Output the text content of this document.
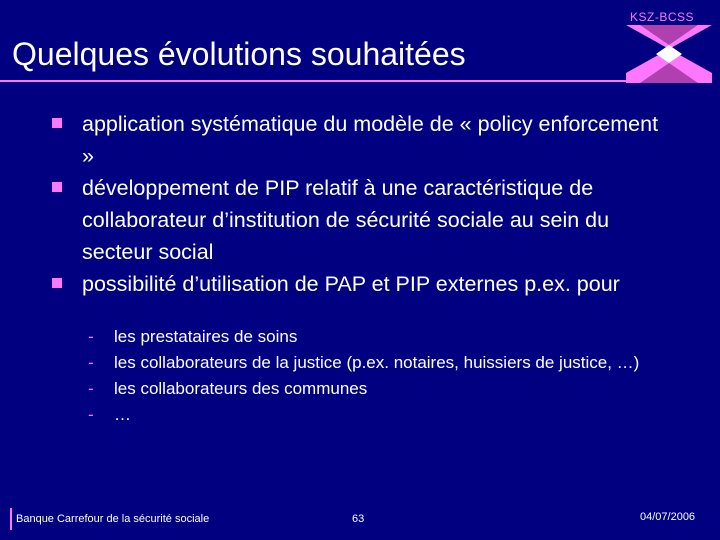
KSZ-BCSS
Quelques évolutions souhaitées
application systématique du modèle de « policy enforcement »
développement de PIP relatif à une caractéristique de collaborateur d’institution de sécurité sociale au sein du secteur social
possibilité d’utilisation de PAP et PIP externes p.ex. pour
- les prestataires de soins
- les collaborateurs de la justice (p.ex. notaires, huissiers de justice, …)
- les collaborateurs des communes
- …
Banque Carrefour de la sécurité sociale	63	04/07/2006
